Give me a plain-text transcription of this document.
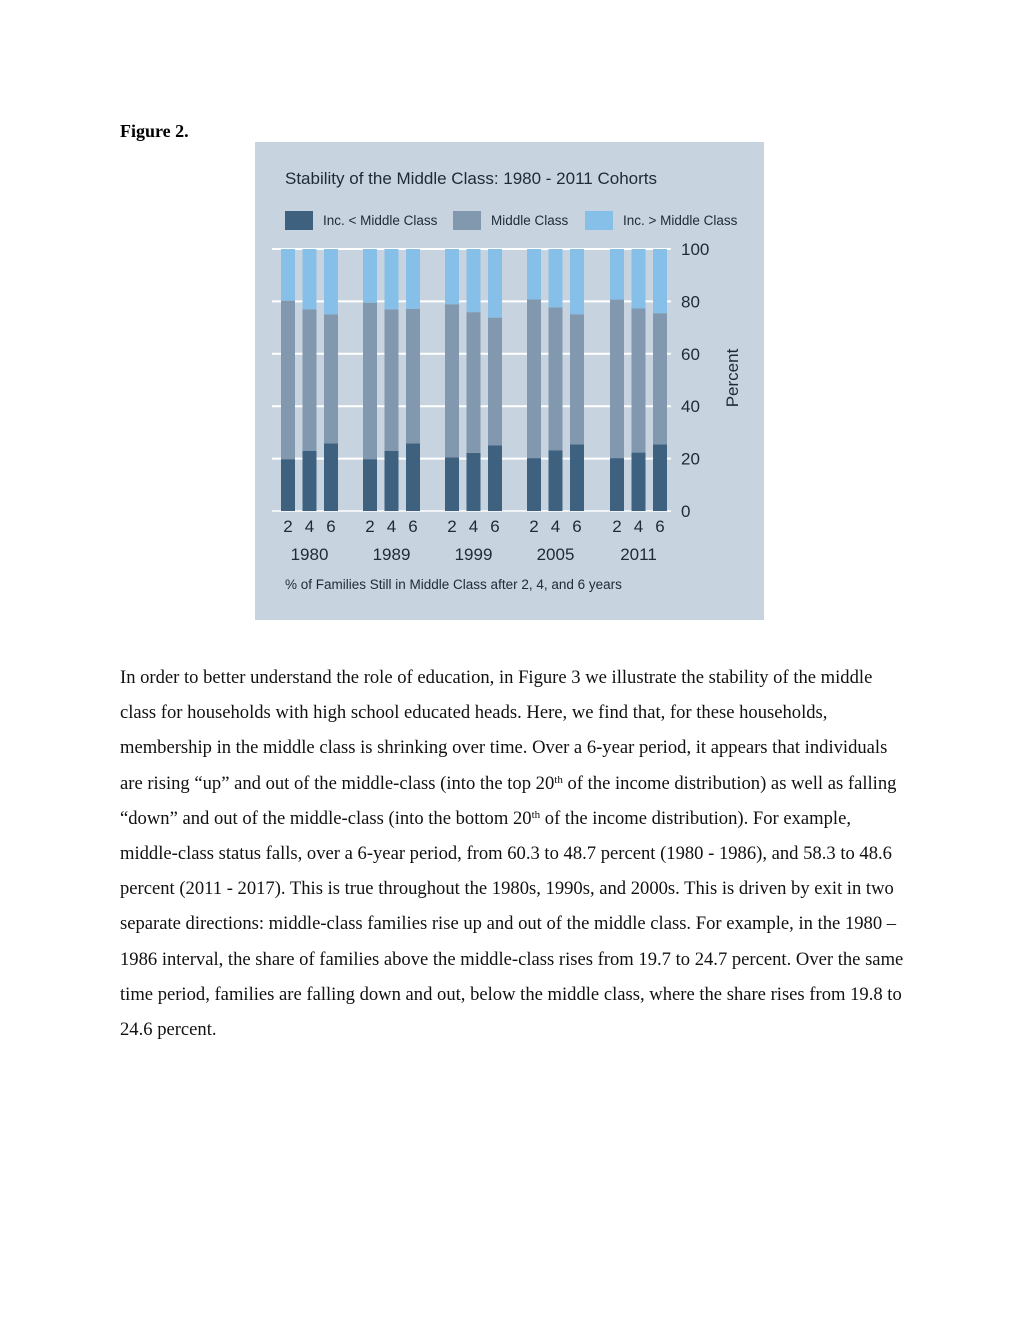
Figure 2.
Stability of the Middle Class: 1980 - 2011 Cohorts
Inc. < Middle Class	Middle Class	Inc. > Middle Class
0
20
40
60
80
100
2 4 6
1980
2 4 6
1989
2 4 6
1999
2 4 6
2005
2 4 6
2011
Percent
% of Families Still in Middle Class after 2, 4, and 6 years

In order to better understand the role of education, in Figure 3 we illustrate the stability of the middle class for households with high school educated heads. Here, we find that, for these households, membership in the middle class is shrinking over time. Over a 6-year period, it appears that individuals are rising “up” and out of the middle-class (into the top 20th of the income distribution) as well as falling “down” and out of the middle-class (into the bottom 20th of the income distribution). For example, middle-class status falls, over a 6-year period, from 60.3 to 48.7 percent (1980 - 1986), and 58.3 to 48.6 percent (2011 - 2017). This is true throughout the 1980s, 1990s, and 2000s. This is driven by exit in two separate directions: middle-class families rise up and out of the middle class. For example, in the 1980 – 1986 interval, the share of families above the middle-class rises from 19.7 to 24.7 percent. Over the same time period, families are falling down and out, below the middle class, where the share rises from 19.8 to 24.6 percent.
